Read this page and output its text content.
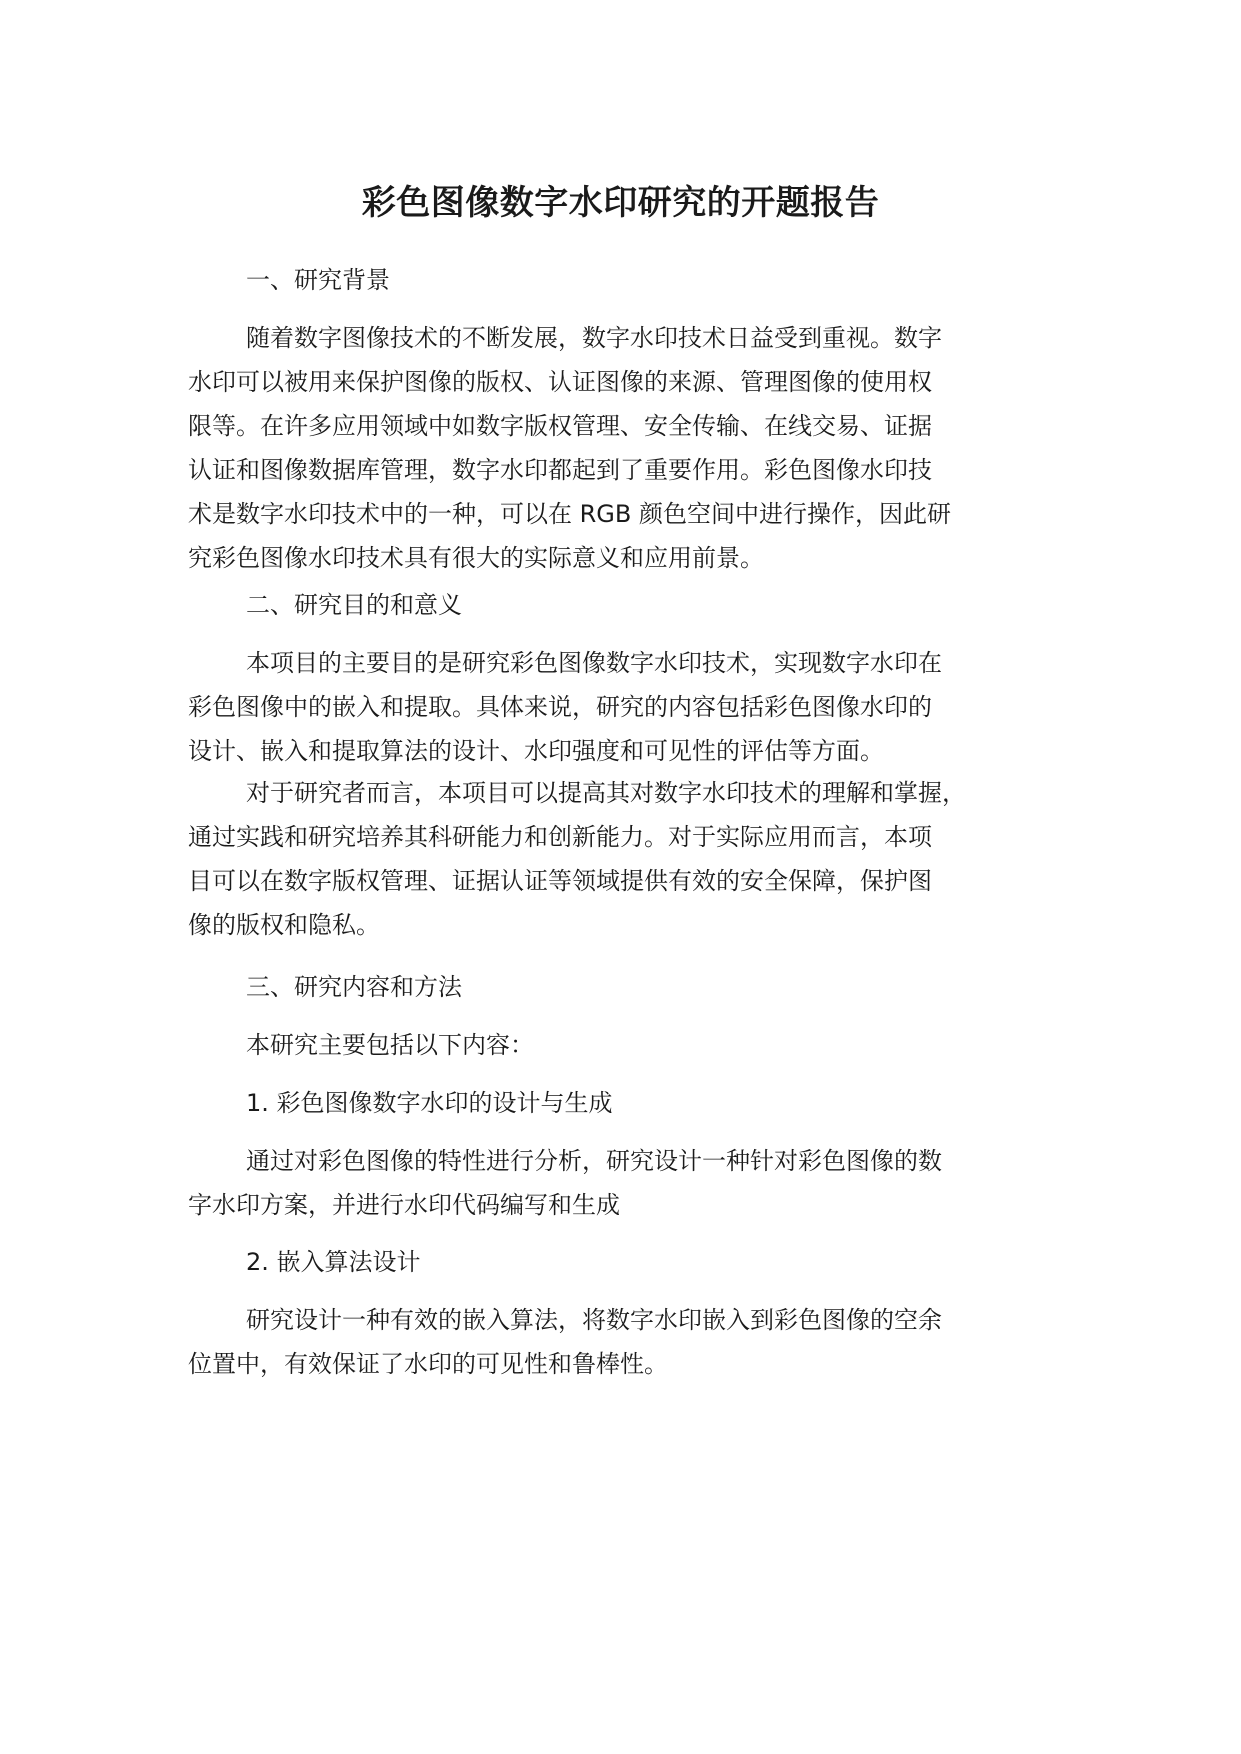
彩色图像数字水印研究的开题报告
一、研究背景
随着数字图像技术的不断发展，数字水印技术日益受到重视。数字
水印可以被用来保护图像的版权、认证图像的来源、管理图像的使用权
限等。在许多应用领域中如数字版权管理、安全传输、在线交易、证据
认证和图像数据库管理，数字水印都起到了重要作用。彩色图像水印技
术是数字水印技术中的一种，可以在 RGB 颜色空间中进行操作，因此研
究彩色图像水印技术具有很大的实际意义和应用前景。
二、研究目的和意义
本项目的主要目的是研究彩色图像数字水印技术，实现数字水印在
彩色图像中的嵌入和提取。具体来说，研究的内容包括彩色图像水印的
设计、嵌入和提取算法的设计、水印强度和可见性的评估等方面。
对于研究者而言，本项目可以提高其对数字水印技术的理解和掌握，
通过实践和研究培养其科研能力和创新能力。对于实际应用而言，本项
目可以在数字版权管理、证据认证等领域提供有效的安全保障，保护图
像的版权和隐私。
三、研究内容和方法
本研究主要包括以下内容：
1. 彩色图像数字水印的设计与生成
通过对彩色图像的特性进行分析，研究设计一种针对彩色图像的数
字水印方案，并进行水印代码编写和生成
2. 嵌入算法设计
研究设计一种有效的嵌入算法，将数字水印嵌入到彩色图像的空余
位置中，有效保证了水印的可见性和鲁棒性。
